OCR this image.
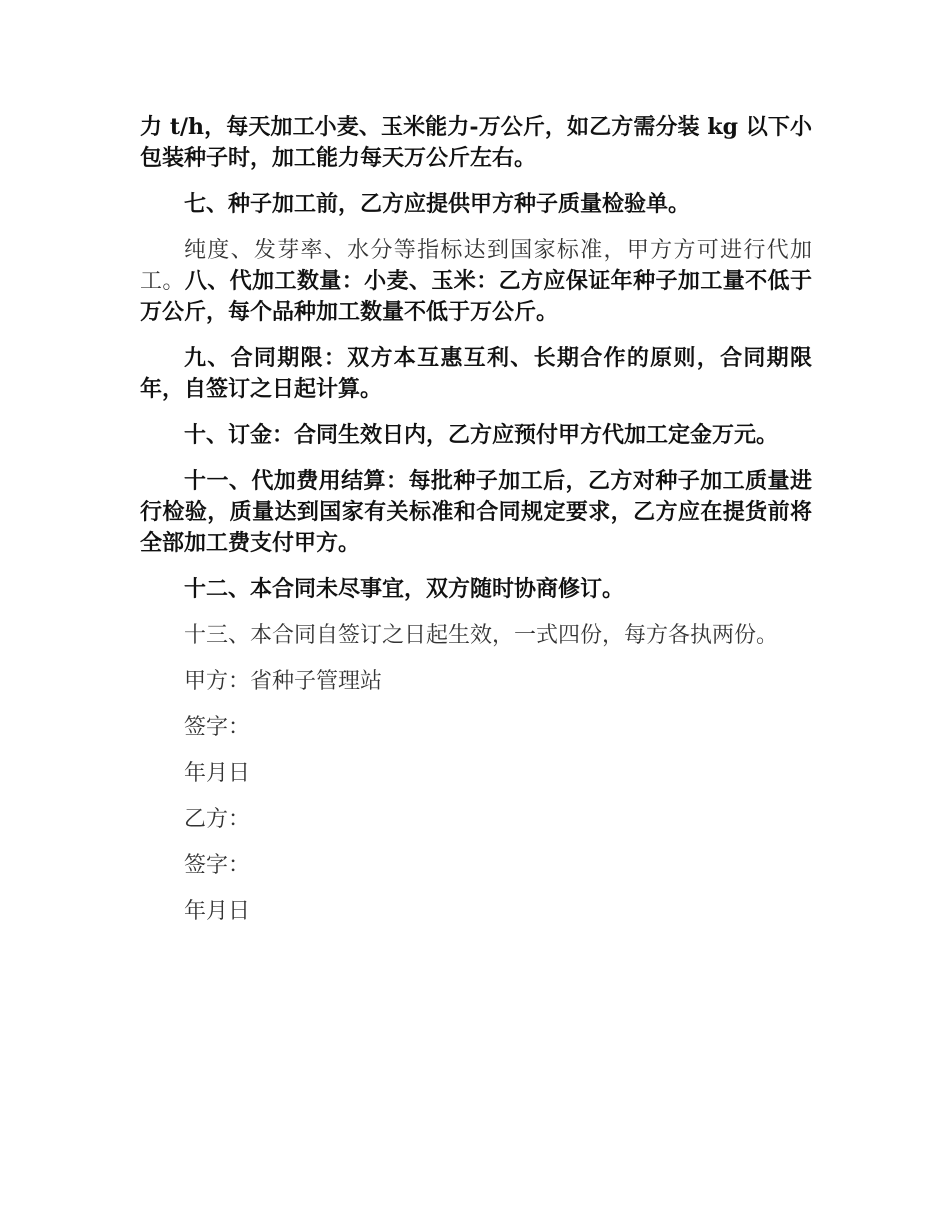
力 t/h，每天加工小麦、玉米能力-万公斤，如乙方需分装 kg 以下小包装种子时，加工能力每天万公斤左右。

七、种子加工前，乙方应提供甲方种子质量检验单。

纯度、发芽率、水分等指标达到国家标准，甲方方可进行代加工。八、代加工数量：小麦、玉米：乙方应保证年种子加工量不低于万公斤，每个品种加工数量不低于万公斤。

九、合同期限：双方本互惠互利、长期合作的原则，合同期限年，自签订之日起计算。

十、订金：合同生效日内，乙方应预付甲方代加工定金万元。

十一、代加费用结算：每批种子加工后，乙方对种子加工质量进行检验，质量达到国家有关标准和合同规定要求，乙方应在提货前将全部加工费支付甲方。

十二、本合同未尽事宜，双方随时协商修订。

十三、本合同自签订之日起生效，一式四份，每方各执两份。

甲方：省种子管理站
签字：
年月日
乙方：
签字：
年月日
